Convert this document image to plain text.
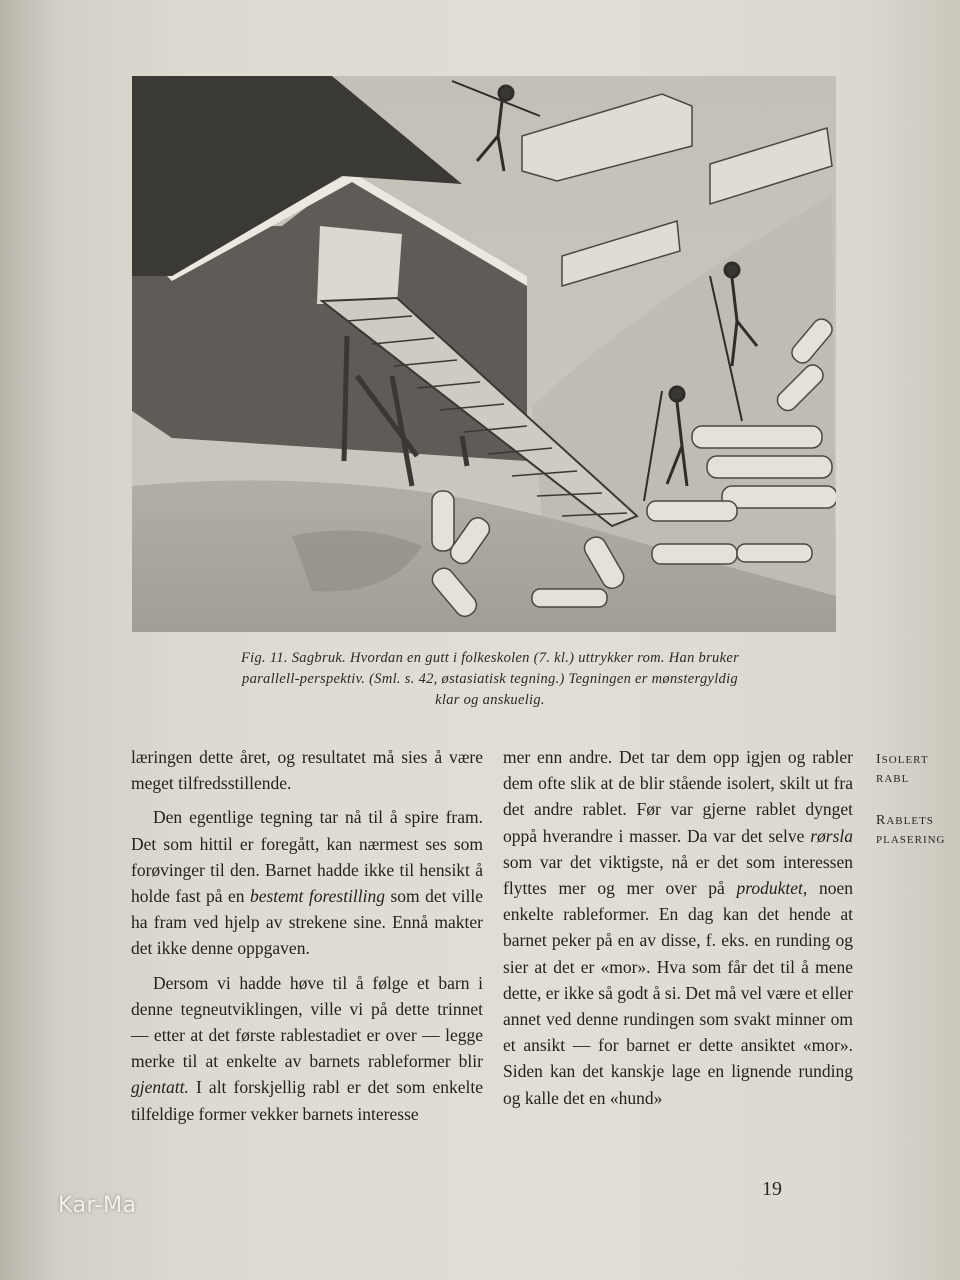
Fig. 11. Sagbruk. Hvordan en gutt i folkeskolen (7. kl.) uttrykker rom. Han bruker
parallell-perspektiv. (Sml. s. 42, østasiatisk tegning.) Tegningen er mønstergyldig
klar og anskuelig.

læringen dette året, og resultatet må sies å være meget tilfredsstillende.

Den egentlige tegning tar nå til å spire fram. Det som hittil er foregått, kan nærmest ses som forøvinger til den. Barnet hadde ikke til hensikt å holde fast på en bestemt forestilling som det ville ha fram ved hjelp av strekene sine. Ennå makter det ikke denne oppgaven.

Dersom vi hadde høve til å følge et barn i denne tegneutviklingen, ville vi på dette trinnet — etter at det første rablestadiet er over — legge merke til at enkelte av barnets rableformer blir gjentatt. I alt forskjellig rabl er det som enkelte tilfeldige former vekker barnets interesse

mer enn andre. Det tar dem opp igjen og rabler dem ofte slik at de blir stående isolert, skilt ut fra det andre rablet. Før var gjerne rablet dynget oppå hverandre i masser. Da var det selve rørsla som var det viktigste, nå er det som interessen flyttes mer og mer over på produktet, noen enkelte rableformer. En dag kan det hende at barnet peker på en av disse, f. eks. en runding og sier at det er «mor». Hva som får det til å mene dette, er ikke så godt å si. Det må vel være et eller annet ved denne rundingen som svakt minner om et ansikt — for barnet er dette ansiktet «mor». Siden kan det kanskje lage en lignende runding og kalle det en «hund»

ISOLERT
RABL
RABLETS
PLASERING
19
Kar-Ma
